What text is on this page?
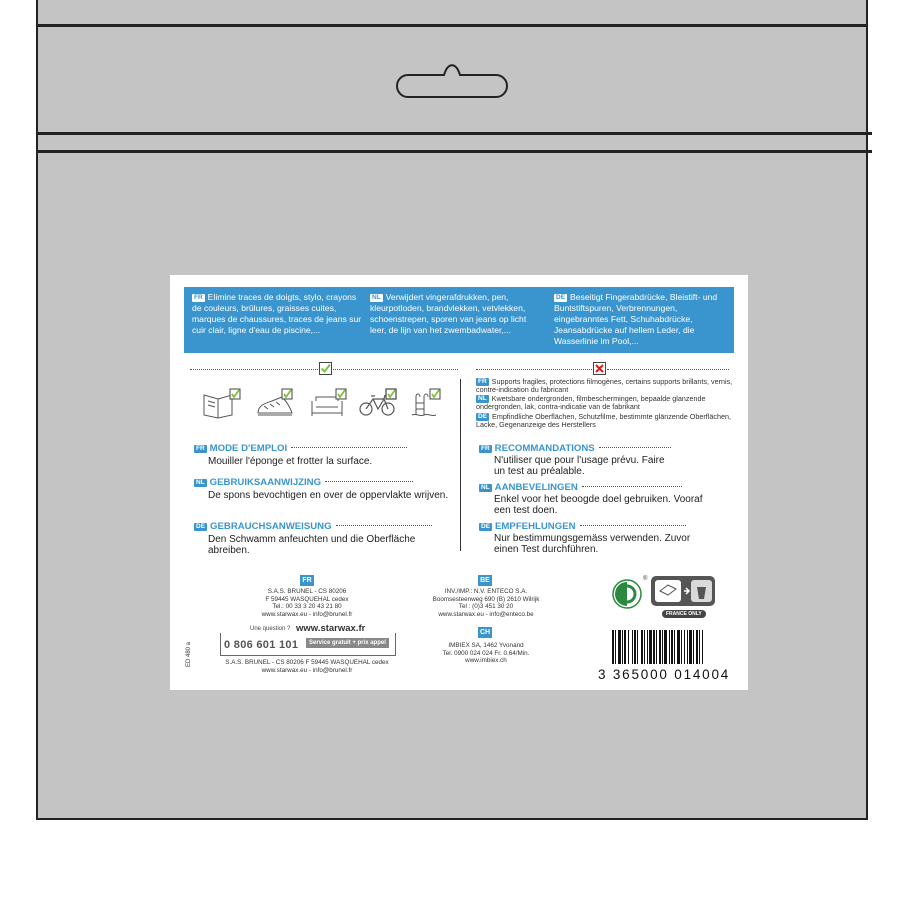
FR Elimine traces de doigts, stylo, crayons de couleurs, brûlures, graisses cuites, marques de chaussures, traces de jeans sur cuir clair, ligne d'eau de piscine,...
NL Verwijdert vingerafdrukken, pen, kleurpotloden, brandvlekken, vetvlekken, schoenstrepen, sporen van jeans op licht leer, de lijn van het zwembadwater,...
DE Beseitigt Fingerabdrücke, Bleistift- und Buntstiftspuren, Verbrennungen, eingebranntes Fett, Schuhabdrücke, Jeansabdrücke auf hellem Leder, die Wasserlinie im Pool,...
FR Supports fragiles, protections filmogènes, certains supports brillants, vernis, contre-indication du fabricant
NL Kwetsbare ondergronden, filmbeschermingen, bepaalde glanzende ondergronden, lak, contra-indicatie van de fabrikant
DE Empfindliche Oberflächen, Schutzfilme, bestimmte glänzende Oberflächen, Lacke, Gegenanzeige des Herstellers
FR MODE D'EMPLOI
Mouiller l'éponge et frotter la surface.
NL GEBRUIKSAANWIJZING
De spons bevochtigen en over de oppervlakte wrijven.
DE GEBRAUCHSANWEISUNG
Den Schwamm anfeuchten und die Oberfläche abreiben.
FR RECOMMANDATIONS
N'utiliser que pour l'usage prévu. Faire un test au préalable.
NL AANBEVELINGEN
Enkel voor het beoogde doel gebruiken. Vooraf een test doen.
DE EMPFEHLUNGEN
Nur bestimmungsgemäss verwenden. Zuvor einen Test durchführen.
FR
S.A.S. BRUNEL - CS 80206
F 59445 WASQUEHAL cedex
Tel.: 00 33 3 20 43 21 80
www.starwax.eu - info@brunel.fr
BE
INV./IMP.: N.V. ENTECO S.A.
Boomsesteenweg 690 (B) 2610 Wilrijk
Tel : (0)3 451 30 20
www.starwax.eu - info@enteco.be
CH
IMBIEX SA, 1462 Yvonand
Tel. 0900 024 024 Fr. 0.64/Min.
www.imbiex.ch
Une question ? www.starwax.fr
0 806 601 101	Service gratuit + prix appel
S.A.S. BRUNEL - CS 80206 F 59445 WASQUEHAL cedex
www.starwax.eu - info@brunel.fr
ED 480 a
®
FRANCE ONLY
3 365000 014004
